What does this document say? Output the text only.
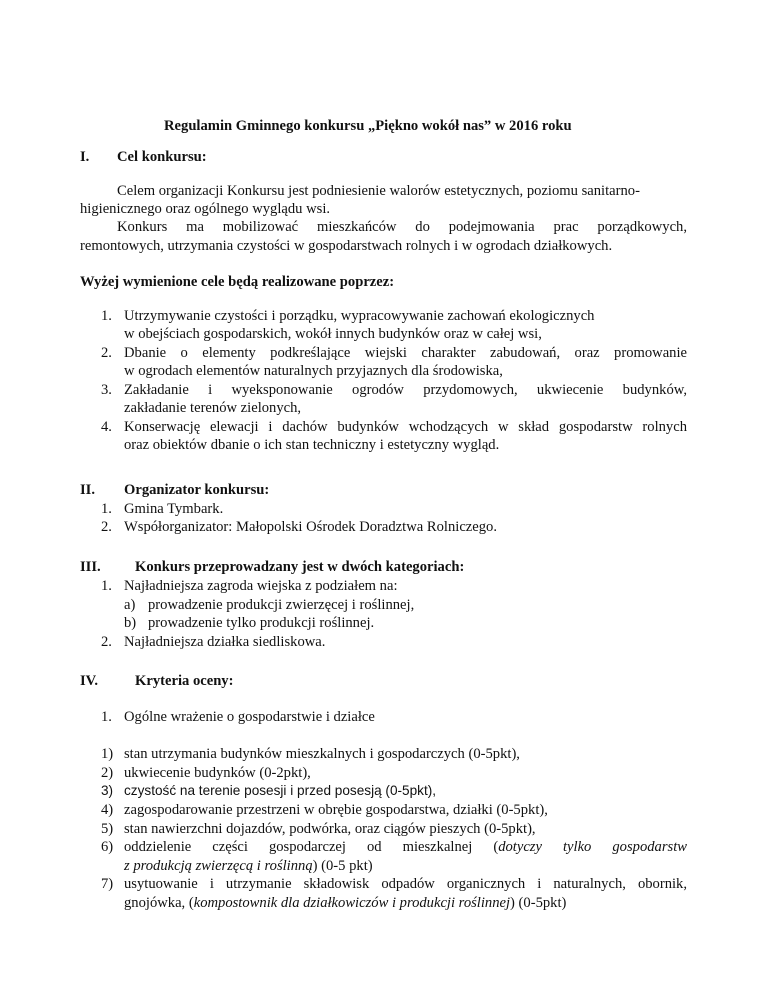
Regulamin Gminnego konkursu „Piękno wokół nas” w 2016 roku
I. Cel konkursu:
Celem organizacji Konkursu jest podniesienie walorów estetycznych, poziomu sanitarno-
higienicznego oraz ogólnego wyglądu wsi.
Konkurs ma mobilizować mieszkańców do podejmowania prac porządkowych,
remontowych, utrzymania czystości w gospodarstwach rolnych i w ogrodach działkowych.
Wyżej wymienione cele będą realizowane poprzez:
1. Utrzymywanie czystości i porządku, wypracowywanie zachowań ekologicznych
w obejściach gospodarskich, wokół innych budynków oraz w całej wsi,
2. Dbanie o elementy podkreślające wiejski charakter zabudowań, oraz promowanie
w ogrodach elementów naturalnych przyjaznych dla środowiska,
3. Zakładanie i wyeksponowanie ogrodów przydomowych, ukwiecenie budynków,
zakładanie terenów zielonych,
4. Konserwację elewacji i dachów budynków wchodzących w skład gospodarstw rolnych
oraz obiektów dbanie o ich stan techniczny i estetyczny wygląd.
II. Organizator konkursu:
1. Gmina Tymbark.
2. Współorganizator: Małopolski Ośrodek Doradztwa Rolniczego.
III. Konkurs przeprowadzany jest w dwóch kategoriach:
1. Najładniejsza zagroda wiejska z podziałem na:
a) prowadzenie produkcji zwierzęcej i roślinnej,
b) prowadzenie tylko produkcji roślinnej.
2. Najładniejsza działka siedliskowa.
IV.	Kryteria oceny:
1. Ogólne wrażenie o gospodarstwie i działce
1) stan utrzymania budynków mieszkalnych i gospodarczych (0-5pkt),
2) ukwiecenie budynków (0-2pkt),
3) czystość na terenie posesji i przed posesją (0-5pkt),
4) zagospodarowanie przestrzeni w obrębie gospodarstwa, działki (0-5pkt),
5) stan nawierzchni dojazdów, podwórka, oraz ciągów pieszych (0-5pkt),
6) oddzielenie części gospodarczej od mieszkalnej (dotyczy tylko gospodarstw
z produkcją zwierzęcą i roślinną) (0-5 pkt)
7) usytuowanie i utrzymanie składowisk odpadów organicznych i naturalnych, obornik,
gnojówka, (kompostownik dla działkowiczów i produkcji roślinnej) (0-5pkt)
